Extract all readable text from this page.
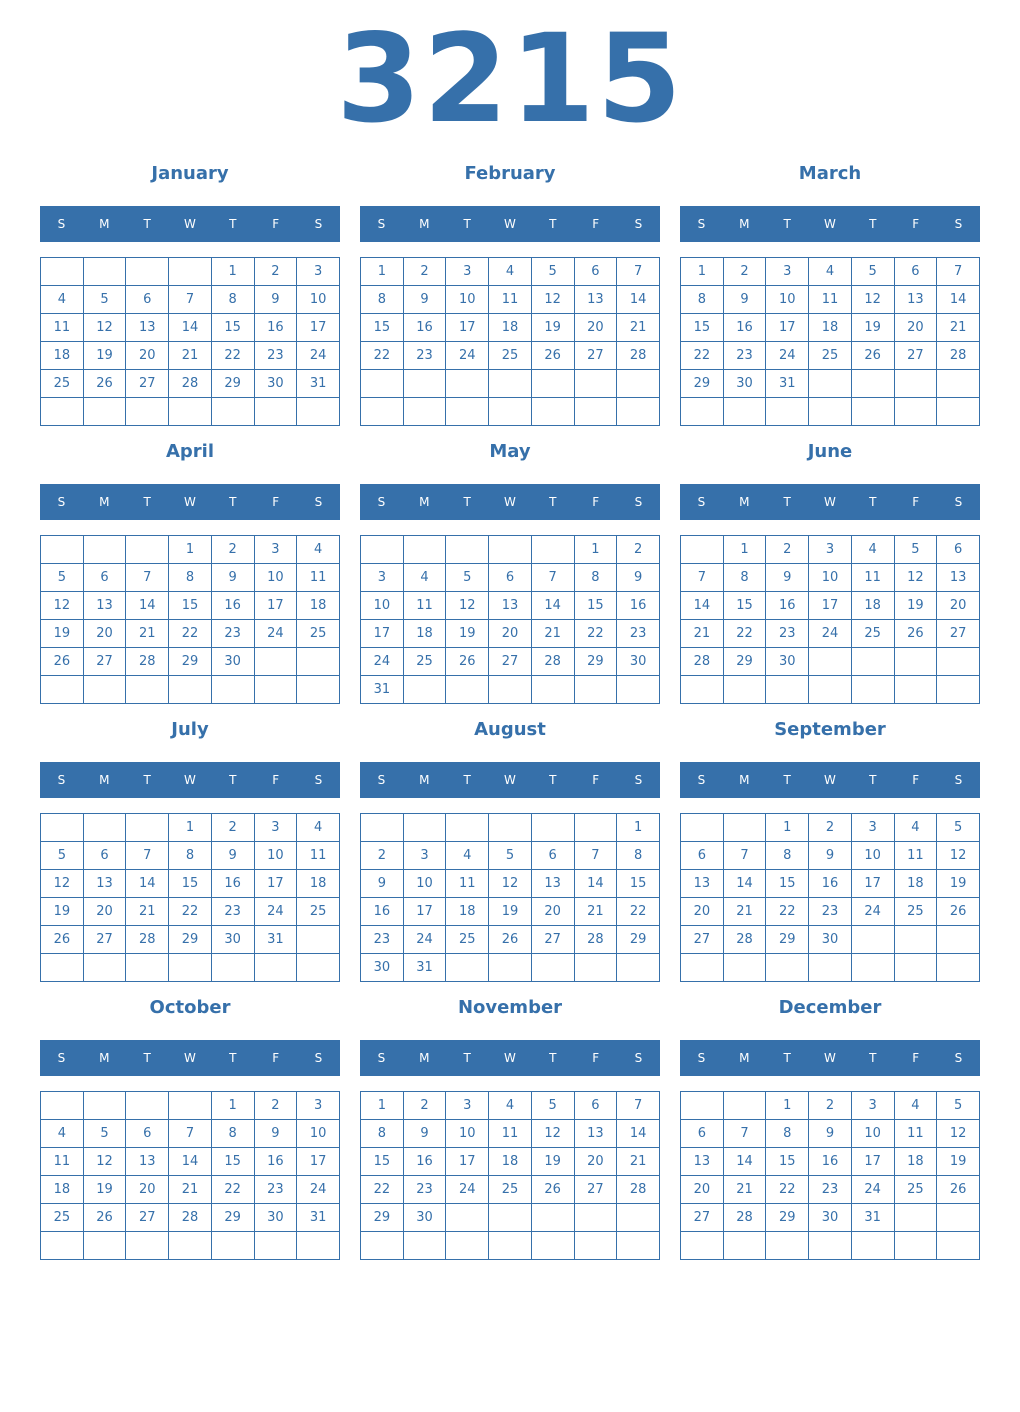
3215
January
S	M	T	W	T	F	S
				1	2	3
4	5	6	7	8	9	10
11	12	13	14	15	16	17
18	19	20	21	22	23	24
25	26	27	28	29	30	31

February
S	M	T	W	T	F	S
1	2	3	4	5	6	7
8	9	10	11	12	13	14
15	16	17	18	19	20	21
22	23	24	25	26	27	28

March
S	M	T	W	T	F	S
1	2	3	4	5	6	7
8	9	10	11	12	13	14
15	16	17	18	19	20	21
22	23	24	25	26	27	28
29	30	31				

April
S	M	T	W	T	F	S
			1	2	3	4
5	6	7	8	9	10	11
12	13	14	15	16	17	18
19	20	21	22	23	24	25
26	27	28	29	30		

May
S	M	T	W	T	F	S
					1	2
3	4	5	6	7	8	9
10	11	12	13	14	15	16
17	18	19	20	21	22	23
24	25	26	27	28	29	30
31						
June
S	M	T	W	T	F	S
	1	2	3	4	5	6
7	8	9	10	11	12	13
14	15	16	17	18	19	20
21	22	23	24	25	26	27
28	29	30				

July
S	M	T	W	T	F	S
			1	2	3	4
5	6	7	8	9	10	11
12	13	14	15	16	17	18
19	20	21	22	23	24	25
26	27	28	29	30	31	

August
S	M	T	W	T	F	S
						1
2	3	4	5	6	7	8
9	10	11	12	13	14	15
16	17	18	19	20	21	22
23	24	25	26	27	28	29
30	31					
September
S	M	T	W	T	F	S
		1	2	3	4	5
6	7	8	9	10	11	12
13	14	15	16	17	18	19
20	21	22	23	24	25	26
27	28	29	30			

October
S	M	T	W	T	F	S
				1	2	3
4	5	6	7	8	9	10
11	12	13	14	15	16	17
18	19	20	21	22	23	24
25	26	27	28	29	30	31

November
S	M	T	W	T	F	S
1	2	3	4	5	6	7
8	9	10	11	12	13	14
15	16	17	18	19	20	21
22	23	24	25	26	27	28
29	30					

December
S	M	T	W	T	F	S
		1	2	3	4	5
6	7	8	9	10	11	12
13	14	15	16	17	18	19
20	21	22	23	24	25	26
27	28	29	30	31		
